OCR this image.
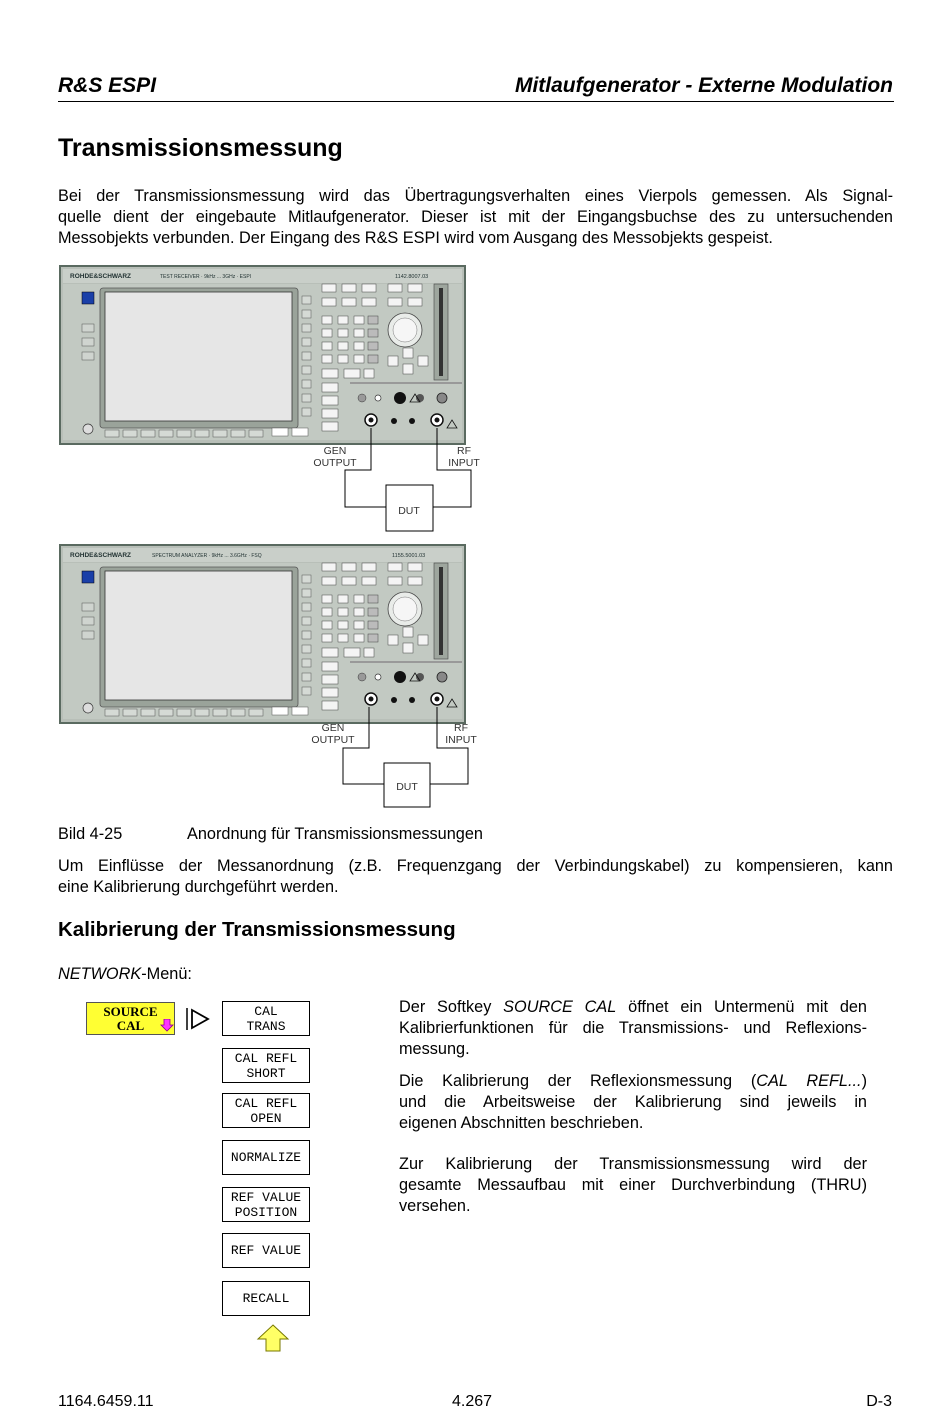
R&S ESPI	Mitlaufgenerator - Externe Modulation
Transmissionsmessung
Bei der Transmissionsmessung wird das Übertragungsverhalten eines Vierpols gemessen. Als Signal-
quelle dient der eingebaute Mitlaufgenerator. Dieser ist mit der Eingangsbuchse des zu untersuchenden
Messobjekts verbunden. Der Eingang des R&S ESPI wird vom Ausgang des Messobjekts gespeist.
ROHDE&SCHWARZ	TEST RECEIVER · 9kHz ... 3GHz · ESPI	1142.8007.03
ROHDE&SCHWARZ	SPECTRUM ANALYZER · 9kHz ... 3.6GHz · FSQ	1155.5001.03
GEN
OUTPUT
RF
INPUT
DUT
GEN
OUTPUT
RF
INPUT
DUT
Bild 4-25	Anordnung für Transmissionsmessungen
Um Einflüsse der Messanordnung (z.B. Frequenzgang der Verbindungskabel) zu kompensieren, kann
eine Kalibrierung durchgeführt werden.
Kalibrierung der Transmissionsmessung
NETWORK-Menü:
SOURCE
CAL
CAL
TRANS
CAL REFL
SHORT
CAL REFL
OPEN
NORMALIZE
REF VALUE
POSITION
REF VALUE
RECALL
Der Softkey SOURCE CAL öffnet ein Untermenü mit den
Kalibrierfunktionen für die Transmissions- und Reflexions-
messung.
Die Kalibrierung der Reflexionsmessung (CAL REFL...)
und die Arbeitsweise der Kalibrierung sind jeweils in
eigenen Abschnitten beschrieben.
Zur Kalibrierung der Transmissionsmessung wird der
gesamte Messaufbau mit einer Durchverbindung (THRU)
versehen.
1164.6459.11	4.267	D-3
